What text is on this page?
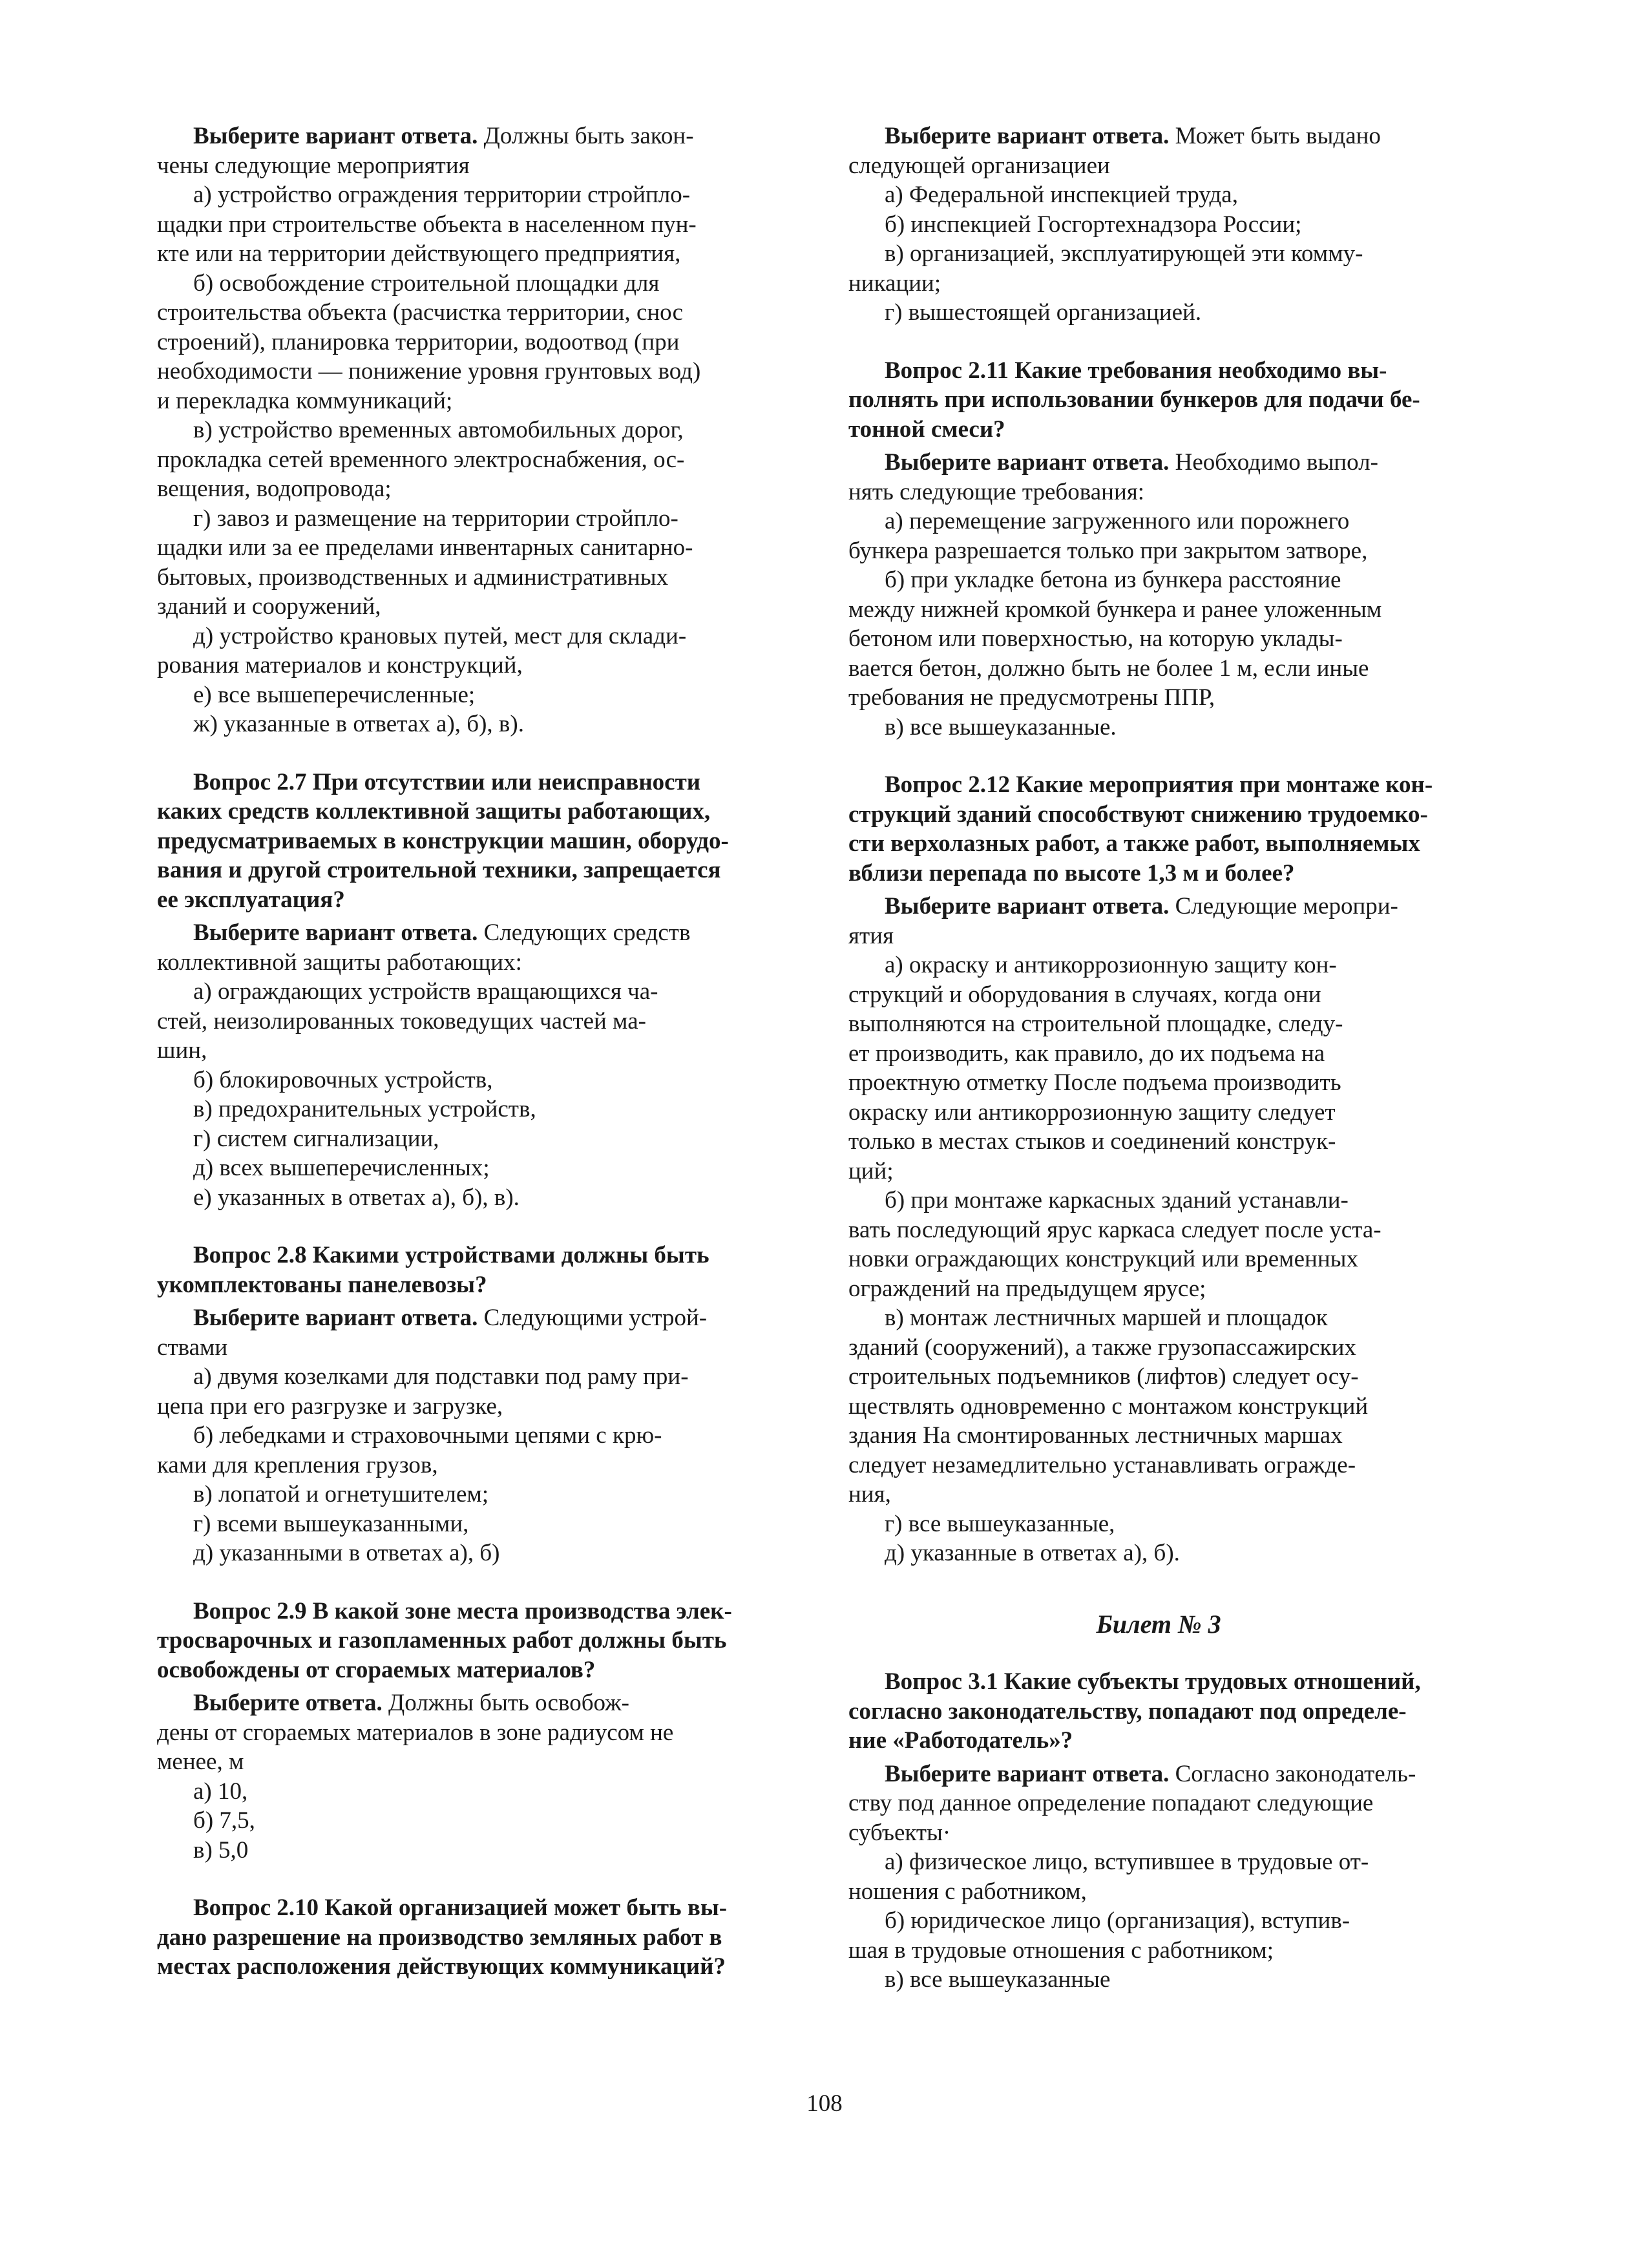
Выберите вариант ответа. Должны быть закон-
чены следующие мероприятия

а) устройство ограждения территории стройпло-
щадки при строительстве объекта в населенном пун-
кте или на территории действующего предприятия,

б) освобождение строительной площадки для
строительства объекта (расчистка территории, снос
строений), планировка территории, водоотвод (при
необходимости — понижение уровня грунтовых вод)
и перекладка коммуникаций;

в) устройство временных автомобильных дорог,
прокладка сетей временного электроснабжения, ос-
вещения, водопровода;

г) завоз и размещение на территории стройпло-
щадки или за ее пределами инвентарных санитарно-
бытовых, производственных и административных
зданий и сооружений,

д) устройство крановых путей, мест для склади-
рования материалов и конструкций,

е) все вышеперечисленные;

ж) указанные в ответах а), б), в).

Вопрос 2.7 При отсутствии или неисправности
каких средств коллективной защиты работающих,
предусматриваемых в конструкции машин, оборудо-
вания и другой строительной техники, запрещается
ее эксплуатация?

Выберите вариант ответа. Следующих средств
коллективной защиты работающих:

а) ограждающих устройств вращающихся ча-
стей, неизолированных токоведущих частей ма-
шин,

б) блокировочных устройств,

в) предохранительных устройств,

г) систем сигнализации,

д) всех вышеперечисленных;

е) указанных в ответах а), б), в).

Вопрос 2.8 Какими устройствами должны быть
укомплектованы панелевозы?

Выберите вариант ответа. Следующими устрой-
ствами

а) двумя козелками для подставки под раму при-
цепа при его разгрузке и загрузке,

б) лебедками и страховочными цепями с крю-
ками для крепления грузов,

в) лопатой и огнетушителем;

г) всеми вышеуказанными,

д) указанными в ответах а), б)

Вопрос 2.9 В какой зоне места производства элек-
тросварочных и газопламенных работ должны быть
освобождены от сгораемых материалов?

Выберите ответа. Должны быть освобож-
дены от сгораемых материалов в зоне радиусом не
менее, м

а) 10,

б) 7,5,

в) 5,0

Вопрос 2.10 Какой организацией может быть вы-
дано разрешение на производство земляных работ в
местах расположения действующих коммуникаций?

Выберите вариант ответа. Может быть выдано
следующей организациеи

а) Федеральной инспекцией труда,

б) инспекцией Госгортехнадзора России;

в) организацией, эксплуатирующей эти комму-
никации;

г) вышестоящей организацией.

Вопрос 2.11 Какие требования необходимо вы-
полнять при использовании бункеров для подачи бе-
тонной смеси?

Выберите вариант ответа. Необходимо выпол-
нять следующие требования:

а) перемещение загруженного или порожнего
бункера разрешается только при закрытом затворе,

б) при укладке бетона из бункера расстояние
между нижней кромкой бункера и ранее уложенным
бетоном или поверхностью, на которую уклады-
вается бетон, должно быть не более 1 м, если иные
требования не предусмотрены ППР,

в) все вышеуказанные.

Вопрос 2.12 Какие мероприятия при монтаже кон-
струкций зданий способствуют снижению трудоемко-
сти верхолазных работ, а также работ, выполняемых
вблизи перепада по высоте 1,3 м и более?

Выберите вариант ответа. Следующие меропри-
ятия

а) окраску и антикоррозионную защиту кон-
струкций и оборудования в случаях, когда они
выполняются на строительной площадке, следу-
ет производить, как правило, до их подъема на
проектную отметку После подъема производить
окраску или антикоррозионную защиту следует
только в местах стыков и соединений конструк-
ций;

б) при монтаже каркасных зданий устанавли-
вать последующий ярус каркаса следует после уста-
новки ограждающих конструкций или временных
ограждений на предыдущем ярусе;

в) монтаж лестничных маршей и площадок
зданий (сооружений), а также грузопассажирских
строительных подъемников (лифтов) следует осу-
ществлять одновременно с монтажом конструкций
здания На смонтированных лестничных маршах
следует незамедлительно устанавливать огражде-
ния,

г) все вышеуказанные,

д) указанные в ответах а), б).

Билет № 3

Вопрос 3.1 Какие субъекты трудовых отношений,
согласно законодательству, попадают под определе-
ние «Работодатель»?

Выберите вариант ответа. Согласно законодатель-
ству под данное определение попадают следующие
субъекты·

а) физическое лицо, вступившее в трудовые от-
ношения с работником,

б) юридическое лицо (организация), вступив-
шая в трудовые отношения с работником;

в) все вышеуказанные

108
